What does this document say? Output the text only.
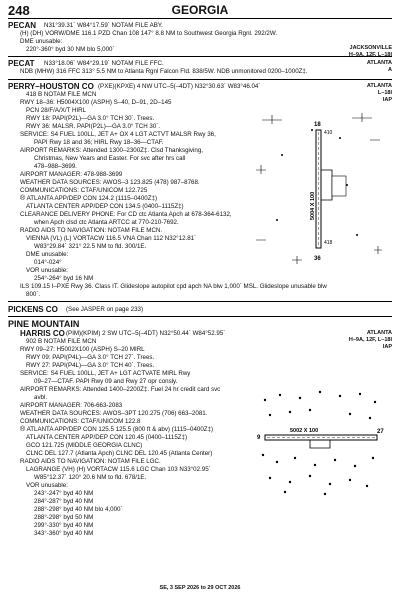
248	GEORGIA
PECAN N31°39.31´ W84°17.59´ NOTAM FILE ABY.
(H) (DH) VORW/DME 116.1 PZD Chan 108 147° 8.8 NM to Southwest Georgia Rgnl. 292/2W.
DME unusable:
220°-360° byd 30 NM blo 5,000´	JACKSONVILLE
H–9A, 12F, L–18I
PECAT N33°18.06´ W84°29.19´ NOTAM FILE FFC.
NDB (MHW) 316 FFC 313° 5.5 NM to Atlanta Rgnl Falcon Fld. 838/5W. NDB unmonitored 0200–1000Z‡.
ATLANTA
A
PERRY–HOUSTON CO (PXE)(KPXE) 4 NW UTC–5(–4DT) N32°30.63´ W83°46.04´	ATLANTA
L–18I
IAP
418 B NOTAM FILE MCN
RWY 18–36: H5004X100 (ASPH) S–40, D–91, 2D–145
PCN 28/F/A/X/T HIRL
RWY 18: PAPI(P2L)—GA 3.0° TCH 30´. Trees.
RWY 36: MALSR. PAPI(P2L)—GA 3.0° TCH 30´.
SERVICE: S4 FUEL 100LL, JET A+ OX 4 LGT ACTVT MALSR Rwy 36,
PAPI Rwy 18 and 36; HIRL Rwy 18–36—CTAF.
AIRPORT REMARKS: Attended 1300–2300Z‡. Clsd Thanksgiving,
Christmas, New Years and Easter. For svc after hrs call
478–988–3699.
AIRPORT MANAGER: 478-988-3699
WEATHER DATA SOURCES: AWOS–3 123.825 (478) 987–8768.
COMMUNICATIONS: CTAF/UNICOM 122.725
® ATLANTA APP/DEP CON 124.2 (1115–0400Z‡)
ATLANTA CENTER APP/DEP CON 134.5 (0400–1115Z‡)
CLEARANCE DELIVERY PHONE: For CD ctc Atlanta Apch at 678-364-6132,
when Apch clsd ctc Atlanta ARTCC at 770-210-7692.
RADIO AIDS TO NAVIGATION: NOTAM FILE MCN.
VIENNA (VL) (L) VORTACW 116.5 VNA Chan 112 N32°12.81´
W83°29.84´ 321° 22.5 NM to fld. 300/1E.
DME unusable:
014°-024°
VOR unusable:
254°-264° byd 16 NM
ILS 109.15 I–PXE Rwy 36. Class IT. Glideslope autopilot cpd apch NA blw 1,000´ MSL. Glideslope unusable blw
800´.
18
36
5004 X 100
410
418
PICKENS CO (See JASPER on page 233)
PINE MOUNTAIN
HARRIS CO (PIM)(KPIM) 2 SW UTC–5(–4DT) N32°50.44´ W84°52.95´	ATLANTA
H–9A, 12F, L–18I
IAP
902 B NOTAM FILE MCN
RWY 09–27: H5002X100 (ASPH) S–20 MIRL
RWY 09: PAPI(P4L)—GA 3.0° TCH 27´. Trees.
RWY 27: PAPI(P4L)—GA 3.0° TCH 40´. Trees.
SERVICE: S4 FUEL 100LL, JET A+ LGT ACTVATE MIRL Rwy
09–27—CTAF. PAPI Rwy 09 and Rwy 27 opr consly.
AIRPORT REMARKS: Attended 1400–2200Z‡. Fuel 24 hr credit card svc
avbl.
AIRPORT MANAGER: 706-663-2083
WEATHER DATA SOURCES: AWOS–3PT 120.275 (706) 663–2081.
COMMUNICATIONS: CTAF/UNICOM 122.8
® ATLANTA APP/DEP CON 125.5 125.5 (800 ft & abv) (1115–0400Z‡)
ATLANTA CENTER APP/DEP CON 120.45 (0400–1115Z‡)
GCO 121.725 (MIDDLE GEORGIA CLNC)
CLNC DEL 127.7 (Atlanta Apch) CLNC DEL 120.45 (Atlanta Center)
RADIO AIDS TO NAVIGATION: NOTAM FILE LGC.
LAGRANGE (VH) (H) VORTACW 115.6 LGC Chan 103 N33°02.95´
W85°12.37´ 120° 20.6 NM to fld. 678/1E.
VOR unusable:
243°-247° byd 40 NM
284°-287° byd 40 NM
288°-298° byd 40 NM blo 4,000´
288°-298° byd 50 NM
299°-330° byd 40 NM
343°-360° byd 40 NM
9
27
5002 X 100
SE, 3 SEP 2026 to 29 OCT 2026
